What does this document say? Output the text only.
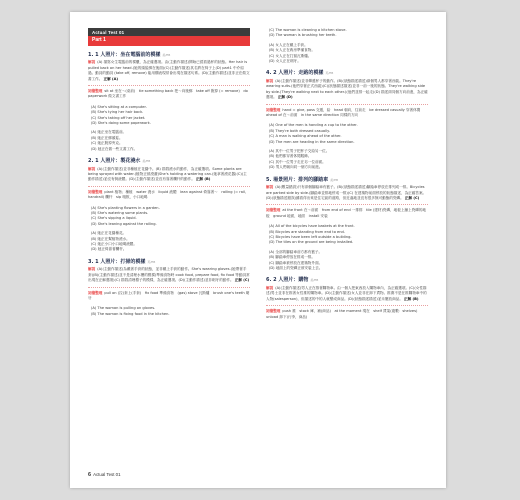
Actual Test 01
Part 1
1. 1 人照片：坐在電腦前的模樣 美/EB
解說 (A) 描寫女生電腦前的樣櫃，為正確選項。由(主動作描述)開始已經看過杯的狀態。Her hair is pulled back on her head.(她的頭髮綁在後面)(C)(主動作描述)其名將在椅子上(D) part1 中介紹過。動詞的動詞 (take off, remove) 能用棚表現常會出現在描述句系。(D)(主動作描述)並非正在做文書工作。 正解 (A)
詞彙整理 sit at 坐在～(桌前)　tie something back 把～向後綁　take off 脫掉 (= remove)　do paperwork 做文書工作
(A) She's sitting at a computer.
(B) She's tying her hair back.
(C) She's taking off her jacket.
(D) She's doing some paperwork.
(A) 她正坐在電腦前。
(B) 她正在綁頭髮。
(C) 她正脫掉夾克。
(D) 她正在做一些文書工作。
2. 1 人照片：製花澆水 美/EB
解說 (A)(主動作描述)並非種植在花園中。(B) 描寫澆水的動作，為正確選項。Some plants are being sprayed with water.(植物正被澆灌)She's holding a watering can.(她拿著澆花器)(C)(主動作描述)並沒有倒液體。(D)(主動作描述)並沒有靠著欄杆的動作。 正解 (B)
詞彙整理 plant 植物；種植　water 澆水　liquid 液體　lean against 倚靠著～　railing (= rail, handrail) 欄杆　sip 啜飲，小口地喝
(A) She's planting flowers in a garden.
(B) She's watering some plants.
(C) She's sipping a liquid.
(D) She's leaning against the railing.
(A) 她正在花園種花。
(B) 她正在幫植物澆水。
(C) 她正小口小口地喝液體。
(D) 她正倚靠著欄杆。
3. 1 人照片：打掃的模樣 英/EB
解說 (A)(主動作描述)為戴著手套的狀態，並非戴上手套的動作。She's wearing gloves.(她帶著手套)(B)(主動作描述)並不是清理水槽的模樣(準備食物時 cook food, prepare food, fix food 等動詞常出現在正解選項)(C) 描寫清理檯子的模樣，為正確選項。(D)(主動作描述)並非刷牙的動作。 正解 (C)
詞彙整理 pull on (拉)套上(手套)　fix food 準備食物　(gas) stove 瓦斯爐　brush one's teeth 刷牙
(A) The woman is pulling on gloves.
(B) The woman is fixing food in the kitchen.
(C) The woman is cleaning a kitchen stove.
(D) The woman is brushing her teeth.
(A) 女人正在戴上手套。
(B) 女人正在廚房準備食物。
(C) 女人正在打掃瓦斯爐。
(D) 女人正在刷牙。
4. 2 人照片：走路的模樣 英/EB
解說 (A)(主動作描述)並非傳遞杯子的動作。(B)(狀態描述描述)兩個男人都穿著西裝。They're wearing suits.(他們穿著正式西裝)(C)(狀態描述描述)並非一前一後的狀態。They're walking side by side.(They're walking next to each other.)(他們並排一起走)(D) 描述兩同個方向前進，為正確選項。 正解 (D)
詞彙整理 hand = give, pass 交遞，給　head 朝向，往前走　be dressed casually 穿著休閒　ahead of 在～前面　in the same direction 同樣的方向
(A) One of the men is handing a cup to the other.
(B) They're both dressed casually.
(C) A man is walking ahead of the other.
(D) The men are heading in the same direction.
(A) 其中一位男子把杯子交給另一位。
(B) 他們都穿著休閒服飾。
(C) 其中一位男子走在另一位前面。
(D) 男人們朝向同一個方向前進。
5. 場景照片：排列的腳踏車 美/EB
解說 (A)(數量錯誤)只有兩個腳踏車有籃子。(B)(狀態描述描述)腳踏車停放在排列成一排。Bicycles are parked side by side.(腳踏車並排地停成一排)(C) 在建築物前面停放的狀態描述，為正確答案。(D)(狀態描述錯誤)雖看得出來是住宅區的道路，但近處地並沒有很多無可動態的瓷磚。 正解 (C)
詞彙整理 at the front 在～前面　from end of end 一排排　tile (建材)瓷磚，地板上鋪上瓷磚的地板　ground 地面，地面　install 安裝
(A) All of the bicycles have baskets at the front.
(B) Bicycles are standing from end to end.
(C) Bicycles have been left outside a building.
(D) The tiles on the ground are being installed.
(A) 全部的腳踏車前方都有籃子。
(B) 腳踏車停放在排成一排。
(C) 腳踏車被停放在建築物外面。
(D) 地面上的瓷磚正被安裝上去。
6. 2 人照片：購物 美/EB
解說 (A)(主動作描述)男人正在推著購物車。由一個人把東西放入購物車內，為正確選項。(C)(女性描述)男士並非在推著女性推的購物車。(D)(主動作描述)女人並非在卸下貨物。推測不是在推購物車中的人物(salesperson)，但描述的中的人就變成商品。(D)(狀態描述描述)並未擺放商品。 正解 (B)
詞彙整理 push 推　stock 庫，補(商品)　at the moment 現在　shelf 貨架(複數：shelves)　unload 卸下(行李，商品)
6 Actual Test 01
